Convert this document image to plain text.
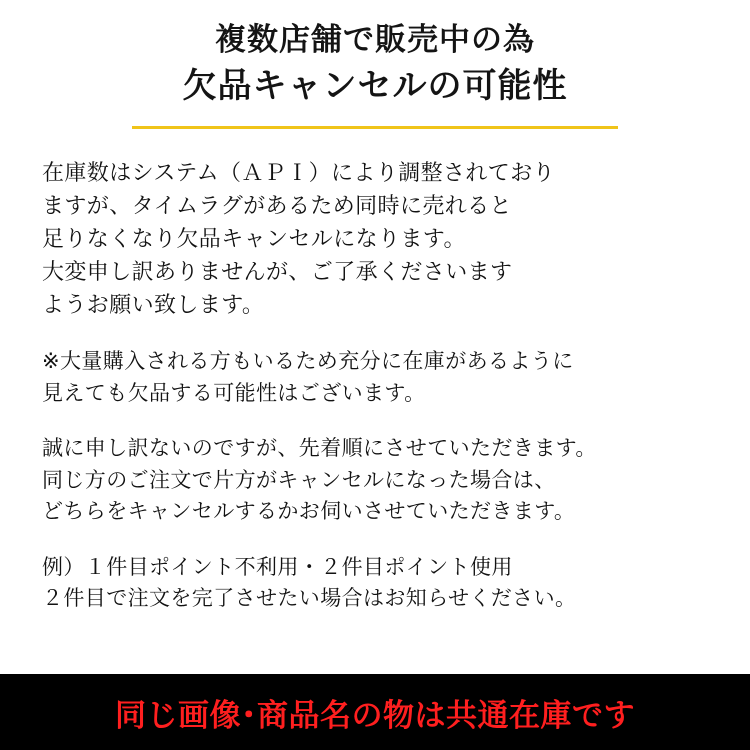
複数店舗で販売中の為
欠品キャンセルの可能性

在庫数はシステム（ＡＰＩ）により調整されており
ますが、タイムラグがあるため同時に売れると
足りなくなり欠品キャンセルになります。
大変申し訳ありませんが、ご了承くださいます
ようお願い致します。

※大量購入される方もいるため充分に在庫があるように
見えても欠品する可能性はございます。

誠に申し訳ないのですが、先着順にさせていただきます。
同じ方のご注文で片方がキャンセルになった場合は、
どちらをキャンセルするかお伺いさせていただきます。

例）１件目ポイント不利用・２件目ポイント使用
２件目で注文を完了させたい場合はお知らせください。

同じ画像･商品名の物は共通在庫です
